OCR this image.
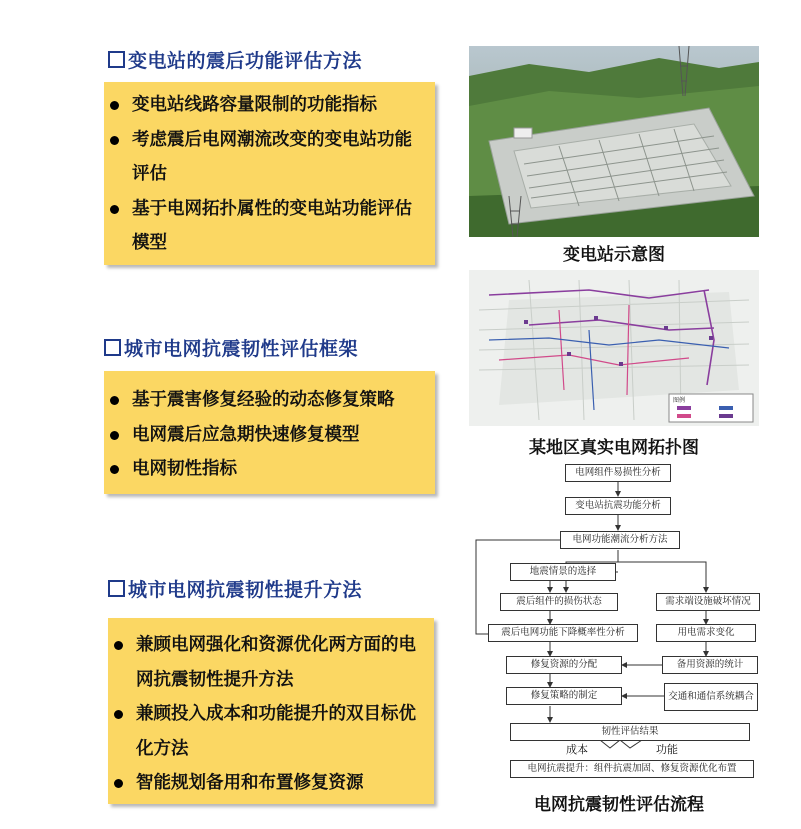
变电站的震后功能评估方法
变电站线路容量限制的功能指标
考虑震后电网潮流改变的变电站功能评估
基于电网拓扑属性的变电站功能评估模型
城市电网抗震韧性评估框架
基于震害修复经验的动态修复策略
电网震后应急期快速修复模型
电网韧性指标
城市电网抗震韧性提升方法
兼顾电网强化和资源优化两方面的电网抗震韧性提升方法
兼顾投入成本和功能提升的双目标优化方法
智能规划备用和布置修复资源
变电站示意图
图例
某地区真实电网拓扑图
电网组件易损性分析
变电站抗震功能分析
电网功能潮流分析方法
地震情景的选择
震后组件的损伤状态	需求端设施破坏情况
震后电网功能下降概率性分析	用电需求变化
修复资源的分配	备用资源的统计
修复策略的制定	交通和通信系统耦合
韧性评估结果
成本	功能
电网抗震提升：组件抗震加固、修复资源优化布置
电网抗震韧性评估流程
